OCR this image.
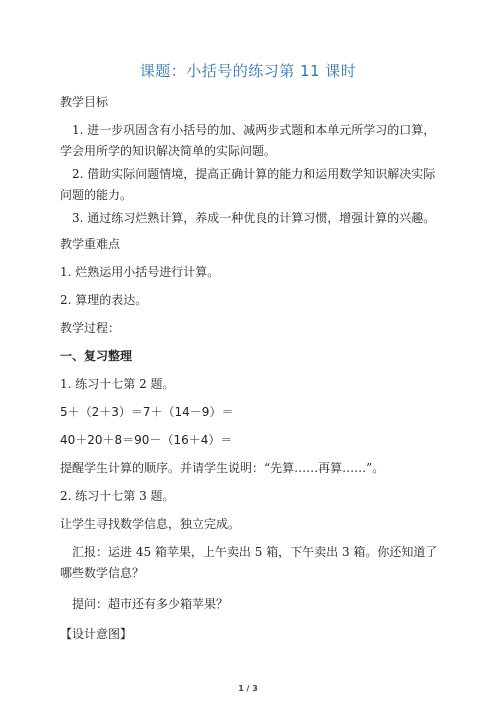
课题：小括号的练习第 11 课时
教学目标
1. 进一步巩固含有小括号的加、减两步式题和本单元所学习的口算，学会用所学的知识解决简单的实际问题。
2. 借助实际问题情境，提高正确计算的能力和运用数学知识解决实际问题的能力。
3. 通过练习烂熟计算，养成一种优良的计算习惯，增强计算的兴趣。
教学重难点
1. 烂熟运用小括号进行计算。
2. 算理的表达。
教学过程：
一、复习整理
1. 练习十七第 2 题。
5＋（2＋3）＝7＋（14－9）＝
40＋20＋8＝90－（16＋4）＝
提醒学生计算的顺序。并请学生说明：“先算……再算……”。
2. 练习十七第 3 题。
让学生寻找数学信息，独立完成。
汇报：运进 45 箱苹果，上午卖出 5 箱，下午卖出 3 箱。你还知道了哪些数学信息？
提问：超市还有多少箱苹果？
【设计意图】
1 / 3
